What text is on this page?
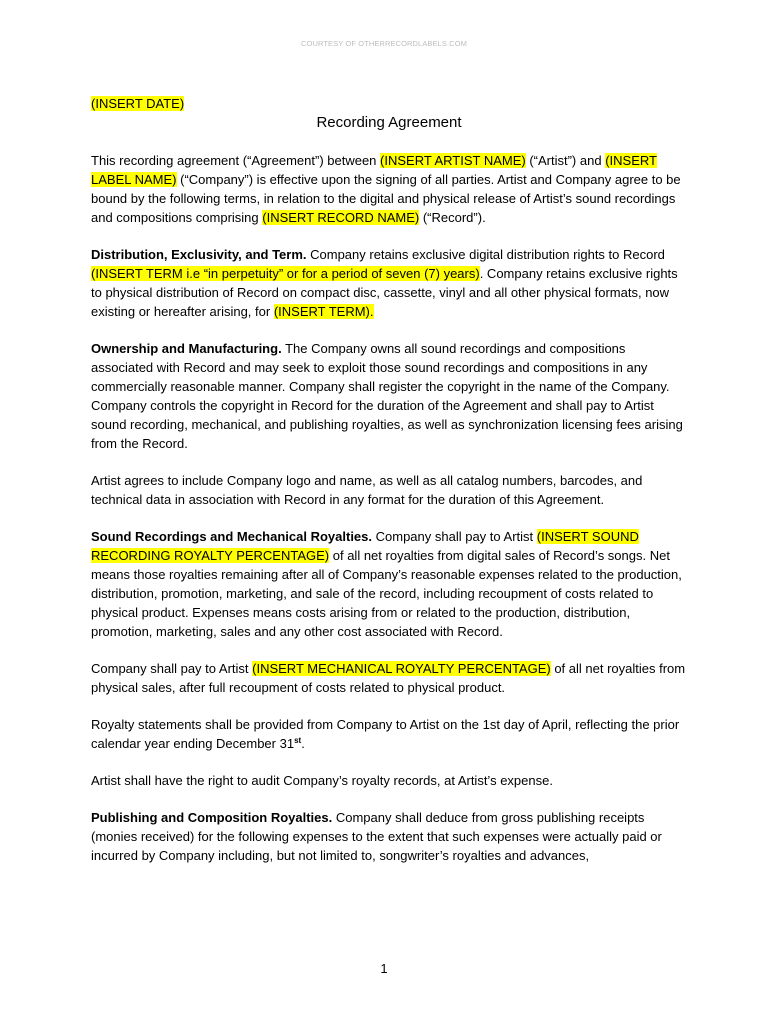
COURTESY OF OTHERRECORDLABELS.COM

(INSERT DATE)

Recording Agreement

This recording agreement (“Agreement”) between (INSERT ARTIST NAME) (“Artist”) and (INSERT LABEL NAME) (“Company”) is effective upon the signing of all parties. Artist and Company agree to be bound by the following terms, in relation to the digital and physical release of Artist’s sound recordings and compositions comprising (INSERT RECORD NAME) (“Record”).

Distribution, Exclusivity, and Term. Company retains exclusive digital distribution rights to Record (INSERT TERM i.e “in perpetuity” or for a period of seven (7) years). Company retains exclusive rights to physical distribution of Record on compact disc, cassette, vinyl and all other physical formats, now existing or hereafter arising, for (INSERT TERM).

Ownership and Manufacturing. The Company owns all sound recordings and compositions associated with Record and may seek to exploit those sound recordings and compositions in any commercially reasonable manner. Company shall register the copyright in the name of the Company. Company controls the copyright in Record for the duration of the Agreement and shall pay to Artist sound recording, mechanical, and publishing royalties, as well as synchronization licensing fees arising from the Record.

Artist agrees to include Company logo and name, as well as all catalog numbers, barcodes, and technical data in association with Record in any format for the duration of this Agreement.

Sound Recordings and Mechanical Royalties. Company shall pay to Artist (INSERT SOUND RECORDING ROYALTY PERCENTAGE) of all net royalties from digital sales of Record’s songs. Net means those royalties remaining after all of Company’s reasonable expenses related to the production, distribution, promotion, marketing, and sale of the record, including recoupment of costs related to physical product. Expenses means costs arising from or related to the production, distribution, promotion, marketing, sales and any other cost associated with Record.

Company shall pay to Artist (INSERT MECHANICAL ROYALTY PERCENTAGE) of all net royalties from physical sales, after full recoupment of costs related to physical product.

Royalty statements shall be provided from Company to Artist on the 1st day of April, reflecting the prior calendar year ending December 31st.

Artist shall have the right to audit Company’s royalty records, at Artist’s expense.

Publishing and Composition Royalties. Company shall deduce from gross publishing receipts (monies received) for the following expenses to the extent that such expenses were actually paid or incurred by Company including, but not limited to, songwriter’s royalties and advances,

1
